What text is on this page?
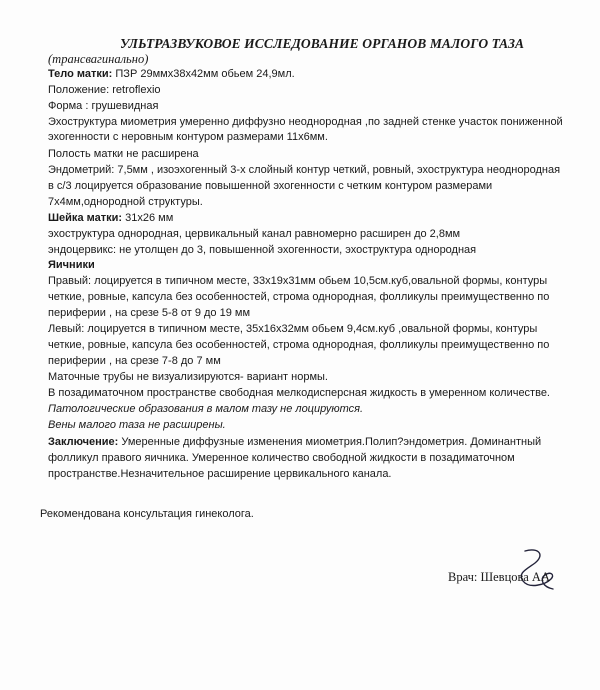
УЛЬТРАЗВУКОВОЕ ИССЛЕДОВАНИЕ ОРГАНОВ МАЛОГО ТАЗА
(трансвагинально)
Тело матки: ПЗР 29ммх38х42мм обьем 24,9мл.
Положение: retroflexio
Форма : грушевидная
Эхоструктура миометрия умеренно диффузно неоднородная ,по задней стенке участок пониженной
эхогенности с неровным контуром размерами 11х6мм.
Полость матки не расширена
Эндометрий: 7,5мм , изоэхогенный 3-х слойный контур четкий, ровный, эхоструктура неоднородная
в с/3 лоцируется образование повышенной эхогенности с четким контуром размерами
7х4мм,однородной структуры.
Шейка матки: 31х26 мм
эхоструктура однородная, цервикальный канал равномерно расширен до 2,8мм
эндоцервикс: не утолщен до 3, повышенной эхогенности, эхоструктура однородная
Яичники
Правый: лоцируется в типичном месте, 33х19х31мм обьем 10,5см.куб,овальной формы, контуры
четкие, ровные, капсула без особенностей, строма однородная, фолликулы преимущественно по
периферии , на срезе 5-8 от 9 до 19 мм
Левый: лоцируется в типичном месте, 35х16х32мм обьем 9,4см.куб ,овальной формы, контуры
четкие, ровные, капсула без особенностей, строма однородная, фолликулы преимущественно по
периферии , на срезе 7-8 до 7 мм
Маточные трубы не визуализируются- вариант нормы.
В позадиматочном пространстве свободная мелкодисперсная жидкость в умеренном количестве.
Патологические образования в малом тазу не лоцируются.
Вены малого таза не расширены.
Заключение: Умеренные диффузные изменения миометрия.Полип?эндометрия. Доминантный
фолликул правого яичника. Умеренное количество свободной жидкости в позадиматочном
пространстве.Незначительное расширение цервикального канала.
Рекомендована консультация гинеколога.
Врач: Шевцова АА
